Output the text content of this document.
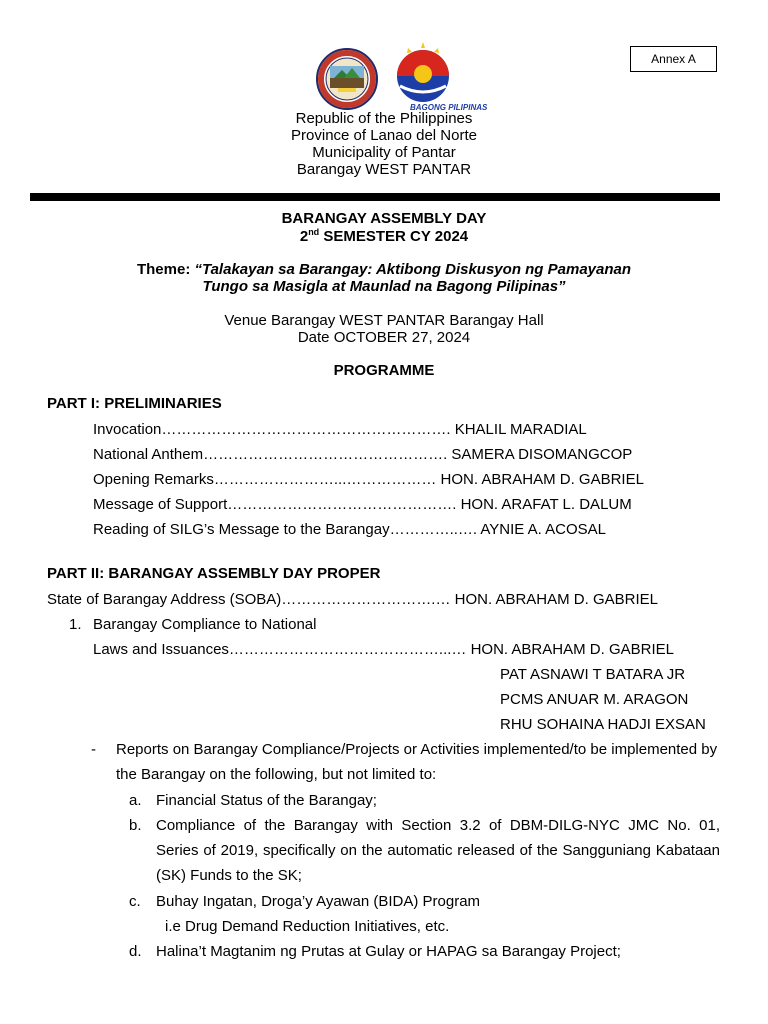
Annex A
BAGONG PILIPINAS
Republic of the Philippines
Province of Lanao del Norte
Municipality of Pantar
Barangay WEST PANTAR
BARANGAY ASSEMBLY DAY
2nd SEMESTER CY 2024
Theme: “Talakayan sa Barangay: Aktibong Diskusyon ng Pamayanan
Tungo sa Masigla at Maunlad na Bagong Pilipinas”
Venue Barangay WEST PANTAR Barangay Hall
Date OCTOBER 27, 2024
PROGRAMME
PART I: PRELIMINARIES
Invocation…………………………………………………. KHALIL MARADIAL
National Anthem…………………………………………. SAMERA DISOMANGCOP
Opening Remarks……………………...……………… HON. ABRAHAM D. GABRIEL
Message of Support………………………………………. HON. ARAFAT L. DALUM
Reading of SILG’s Message to the Barangay…………..…. AYNIE A. ACOSAL
PART II: BARANGAY ASSEMBLY DAY PROPER
State of Barangay Address (SOBA)………………………….… HON. ABRAHAM D. GABRIEL
1. Barangay Compliance to National
Laws and Issuances……………………………………...… HON. ABRAHAM D. GABRIEL
PAT ASNAWI T BATARA JR
PCMS ANUAR M. ARAGON
RHU SOHAINA HADJI EXSAN
- Reports on Barangay Compliance/Projects or Activities implemented/to be implemented by the Barangay on the following, but not limited to:
a. Financial Status of the Barangay;
b. Compliance of the Barangay with Section 3.2 of DBM-DILG-NYC JMC No. 01, Series of 2019, specifically on the automatic released of the Sangguniang Kabataan (SK) Funds to the SK;
c. Buhay Ingatan, Droga’y Ayawan (BIDA) Program
i.e Drug Demand Reduction Initiatives, etc.
d. Halina’t Magtanim ng Prutas at Gulay or HAPAG sa Barangay Project;
